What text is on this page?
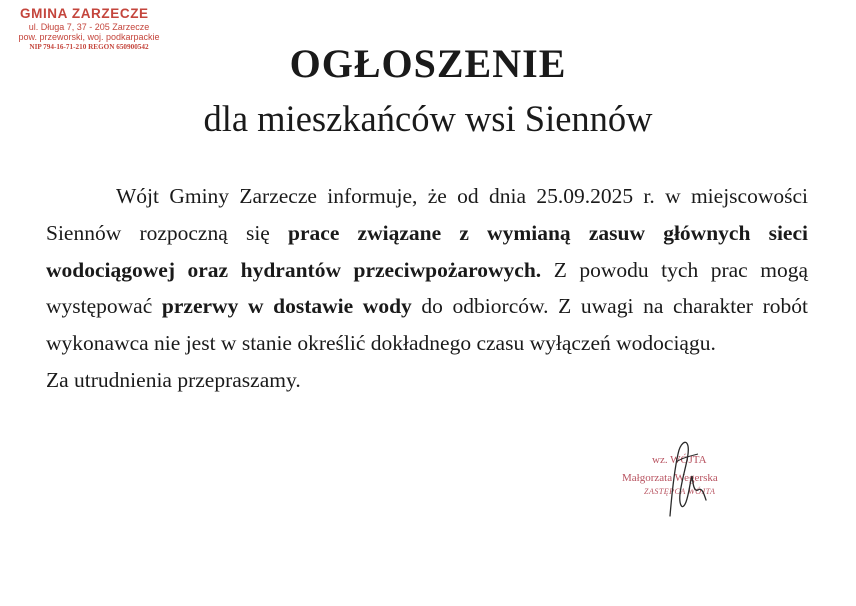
GMINA ZARZECZE
ul. Długa 7, 37 - 205 Zarzecze
pow. przeworski, woj. podkarpackie
NIP 794-16-71-210 REGON 650900542	OGŁOSZENIE
dla mieszkańców wsi Siennów

Wójt Gminy Zarzecze informuje, że od dnia 25.09.2025 r. w miejscowości Siennów rozpoczną się prace związane z wymianą zasuw głównych sieci wodociągowej oraz hydrantów przeciwpożarowych. Z powodu tych prac mogą występować przerwy w dostawie wody do odbiorców. Z uwagi na charakter robót wykonawca nie jest w stanie określić dokładnego czasu wyłączeń wodociągu.

Za utrudnienia przepraszamy.

wz. WÓJTA
Małgorzata Wegerska
ZASTĘPCA WÓJTA
